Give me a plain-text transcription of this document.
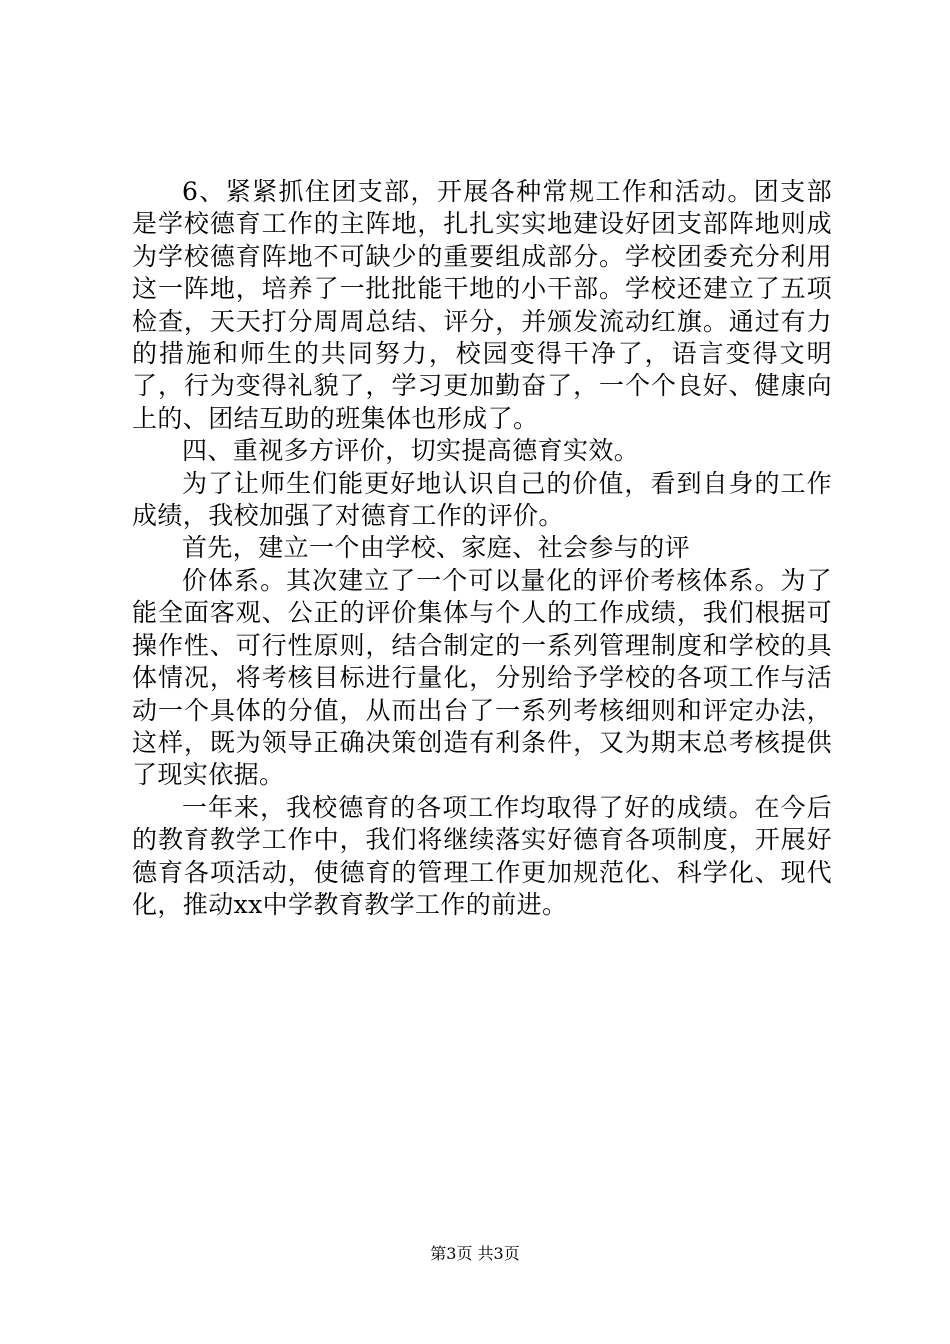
6、紧紧抓住团支部，开展各种常规工作和活动。团支部是学校德育工作的主阵地，扎扎实实地建设好团支部阵地则成为学校德育阵地不可缺少的重要组成部分。学校团委充分利用这一阵地，培养了一批批能干地的小干部。学校还建立了五项检查，天天打分周周总结、评分，并颁发流动红旗。通过有力的措施和师生的共同努力，校园变得干净了，语言变得文明了，行为变得礼貌了，学习更加勤奋了，一个个良好、健康向上的、团结互助的班集体也形成了。

四、重视多方评价，切实提高德育实效。

为了让师生们能更好地认识自己的价值，看到自身的工作成绩，我校加强了对德育工作的评价。

首先，建立一个由学校、家庭、社会参与的评

价体系。其次建立了一个可以量化的评价考核体系。为了能全面客观、公正的评价集体与个人的工作成绩，我们根据可操作性、可行性原则，结合制定的一系列管理制度和学校的具体情况，将考核目标进行量化，分别给予学校的各项工作与活动一个具体的分值，从而出台了一系列考核细则和评定办法，这样，既为领导正确决策创造有利条件，又为期末总考核提供了现实依据。

一年来，我校德育的各项工作均取得了好的成绩。在今后的教育教学工作中，我们将继续落实好德育各项制度，开展好德育各项活动，使德育的管理工作更加规范化、科学化、现代化，推动xx中学教育教学工作的前进。

第3页 共3页
